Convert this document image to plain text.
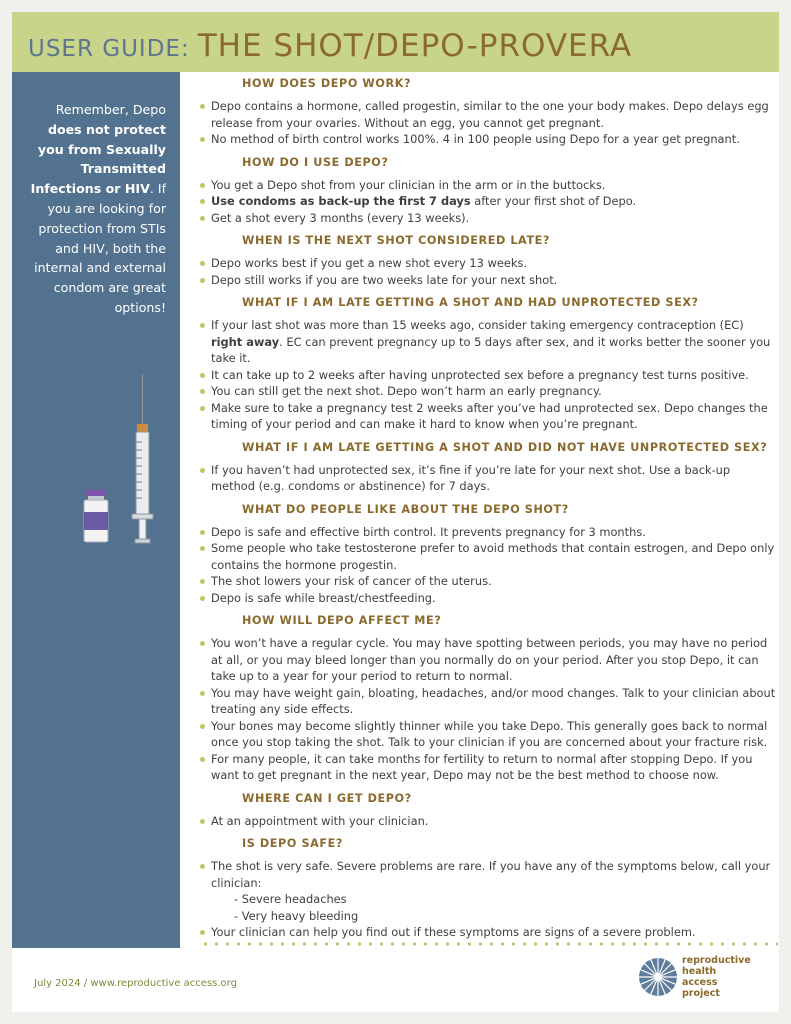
USER GUIDE: THE SHOT/DEPO-PROVERA
Remember, Depo does not protect you from Sexually Transmitted Infections or HIV. If you are looking for protection from STIs and HIV, both the internal and external condom are great options!
HOW DOES DEPO WORK?
Depo contains a hormone, called progestin, similar to the one your body makes. Depo delays egg release from your ovaries. Without an egg, you cannot get pregnant.
No method of birth control works 100%. 4 in 100 people using Depo for a year get pregnant.
HOW DO I USE DEPO?
You get a Depo shot from your clinician in the arm or in the buttocks.
Use condoms as back-up the first 7 days after your first shot of Depo.
Get a shot every 3 months (every 13 weeks).
WHEN IS THE NEXT SHOT CONSIDERED LATE?
Depo works best if you get a new shot every 13 weeks.
Depo still works if you are two weeks late for your next shot.
WHAT IF I AM LATE GETTING A SHOT AND HAD UNPROTECTED SEX?
If your last shot was more than 15 weeks ago, consider taking emergency contraception (EC) right away. EC can prevent pregnancy up to 5 days after sex, and it works better the sooner you take it.
It can take up to 2 weeks after having unprotected sex before a pregnancy test turns positive.
You can still get the next shot. Depo won’t harm an early pregnancy.
Make sure to take a pregnancy test 2 weeks after you’ve had unprotected sex. Depo changes the timing of your period and can make it hard to know when you’re pregnant.
WHAT IF I AM LATE GETTING A SHOT AND DID NOT HAVE UNPROTECTED SEX?
If you haven’t had unprotected sex, it’s fine if you’re late for your next shot. Use a back-up method (e.g. condoms or abstinence) for 7 days.
WHAT DO PEOPLE LIKE ABOUT THE DEPO SHOT?
Depo is safe and effective birth control. It prevents pregnancy for 3 months.
Some people who take testosterone prefer to avoid methods that contain estrogen, and Depo only contains the hormone progestin.
The shot lowers your risk of cancer of the uterus.
Depo is safe while breast/chestfeeding.
HOW WILL DEPO AFFECT ME?
You won’t have a regular cycle. You may have spotting between periods, you may have no period at all, or you may bleed longer than you normally do on your period. After you stop Depo, it can take up to a year for your period to return to normal.
You may have weight gain, bloating, headaches, and/or mood changes. Talk to your clinician about treating any side effects.
Your bones may become slightly thinner while you take Depo. This generally goes back to normal once you stop taking the shot. Talk to your clinician if you are concerned about your fracture risk.
For many people, it can take months for fertility to return to normal after stopping Depo. If you want to get pregnant in the next year, Depo may not be the best method to choose now.
WHERE CAN I GET DEPO?
At an appointment with your clinician.
IS DEPO SAFE?
The shot is very safe. Severe problems are rare. If you have any of the symptoms below, call your clinician:
- Severe headaches
- Very heavy bleeding
Your clinician can help you find out if these symptoms are signs of a severe problem.
July 2024 / www.reproductive access.org
reproductive
health
access
project
